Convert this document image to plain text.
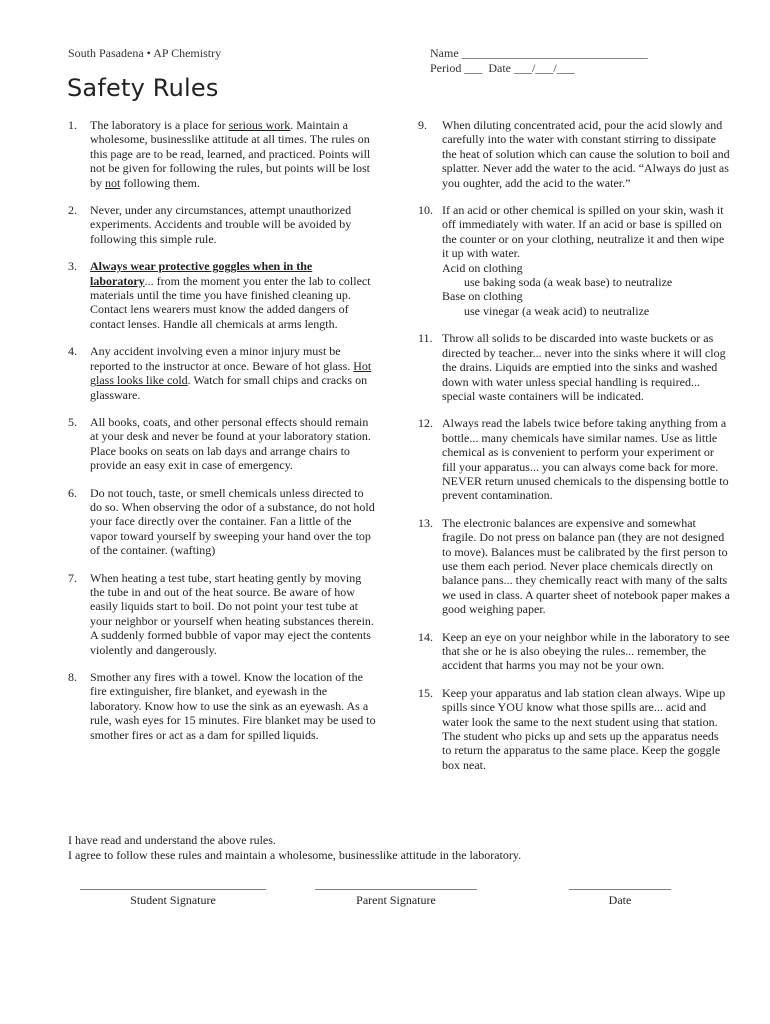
South Pasadena • AP Chemistry	Name _______________________________
Period ___  Date ___/___/___
Safety Rules
1. The laboratory is a place for serious work. Maintain a wholesome, businesslike attitude at all times. The rules on this page are to be read, learned, and practiced. Points will not be given for following the rules, but points will be lost by not following them.

2. Never, under any circumstances, attempt unauthorized experiments. Accidents and trouble will be avoided by following this simple rule.

3. Always wear protective goggles when in the laboratory... from the moment you enter the lab to collect materials until the time you have finished cleaning up. Contact lens wearers must know the added dangers of contact lenses. Handle all chemicals at arms length.

4. Any accident involving even a minor injury must be reported to the instructor at once. Beware of hot glass. Hot glass looks like cold. Watch for small chips and cracks on glassware.

5. All books, coats, and other personal effects should remain at your desk and never be found at your laboratory station. Place books on seats on lab days and arrange chairs to provide an easy exit in case of emergency.

6. Do not touch, taste, or smell chemicals unless directed to do so. When observing the odor of a substance, do not hold your face directly over the container. Fan a little of the vapor toward yourself by sweeping your hand over the top of the container. (wafting)

7. When heating a test tube, start heating gently by moving the tube in and out of the heat source. Be aware of how easily liquids start to boil. Do not point your test tube at your neighbor or yourself when heating substances therein. A suddenly formed bubble of vapor may eject the contents violently and dangerously.

8. Smother any fires with a towel. Know the location of the fire extinguisher, fire blanket, and eyewash in the laboratory. Know how to use the sink as an eyewash. As a rule, wash eyes for 15 minutes. Fire blanket may be used to smother fires or act as a dam for spilled liquids.

9. When diluting concentrated acid, pour the acid slowly and carefully into the water with constant stirring to dissipate the heat of solution which can cause the solution to boil and splatter. Never add the water to the acid. “Always do just as you oughter, add the acid to the water.”

10. If an acid or other chemical is spilled on your skin, wash it off immediately with water. If an acid or base is spilled on the counter or on your clothing, neutralize it and then wipe it up with water.

Acid on clothing

use baking soda (a weak base) to neutralize

Base on clothing

use vinegar (a weak acid) to neutralize

11. Throw all solids to be discarded into waste buckets or as directed by teacher... never into the sinks where it will clog the drains. Liquids are emptied into the sinks and washed down with water unless special handling is required... special waste containers will be indicated.

12. Always read the labels twice before taking anything from a bottle... many chemicals have similar names. Use as little chemical as is convenient to perform your experiment or fill your apparatus... you can always come back for more. NEVER return unused chemicals to the dispensing bottle to prevent contamination.

13. The electronic balances are expensive and somewhat fragile. Do not press on balance pan (they are not designed to move). Balances must be calibrated by the first person to use them each period. Never place chemicals directly on balance pans... they chemically react with many of the salts we used in class. A quarter sheet of notebook paper makes a good weighing paper.

14. Keep an eye on your neighbor while in the laboratory to see that she or he is also obeying the rules... remember, the accident that harms you may not be your own.

15. Keep your apparatus and lab station clean always. Wipe up spills since YOU know what those spills are... acid and water look the same to the next student using that station. The student who picks up and sets up the apparatus needs to return the apparatus to the same place. Keep the goggle box neat.

I have read and understand the above rules.
I agree to follow these rules and maintain a wholesome, businesslike attitude in the laboratory.
_______________________________
Student Signature
___________________________
Parent Signature
_________________
Date
